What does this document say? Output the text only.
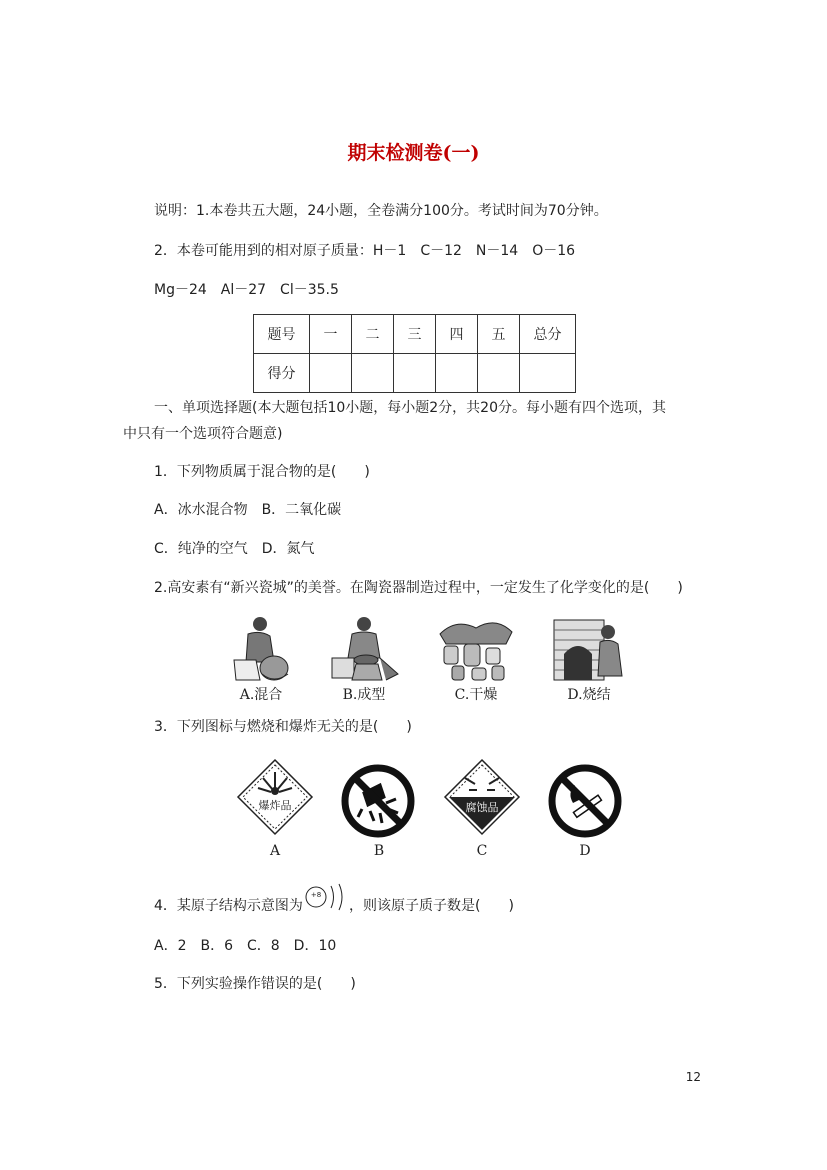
期末检测卷(一)
说明：1.本卷共五大题，24小题，全卷满分100分。考试时间为70分钟。
2．本卷可能用到的相对原子质量：H－1　C－12　N－14　O－16
Mg－24　Al－27　Cl－35.5
题号	一	二	三	四	五	总分
得分						
一、单项选择题(本大题包括10小题，每小题2分，共20分。每小题有四个选项，其
中只有一个选项符合题意)
1．下列物质属于混合物的是(　　)
A．冰水混合物　B．二氧化碳
C．纯净的空气　D．氮气
2.高安素有“新兴瓷城”的美誉。在陶瓷器制造过程中，一定发生了化学变化的是(　　)
A.混合	B.成型	C.干燥	D.烧结
3．下列图标与燃烧和爆炸无关的是(　　)
爆炸品
A	B
腐蚀品
C	D
4．某原子结构示意图为
+8
，则该原子质子数是(　　)
A．2　B．6　C．8　D．10
5．下列实验操作错误的是(　　)
12
